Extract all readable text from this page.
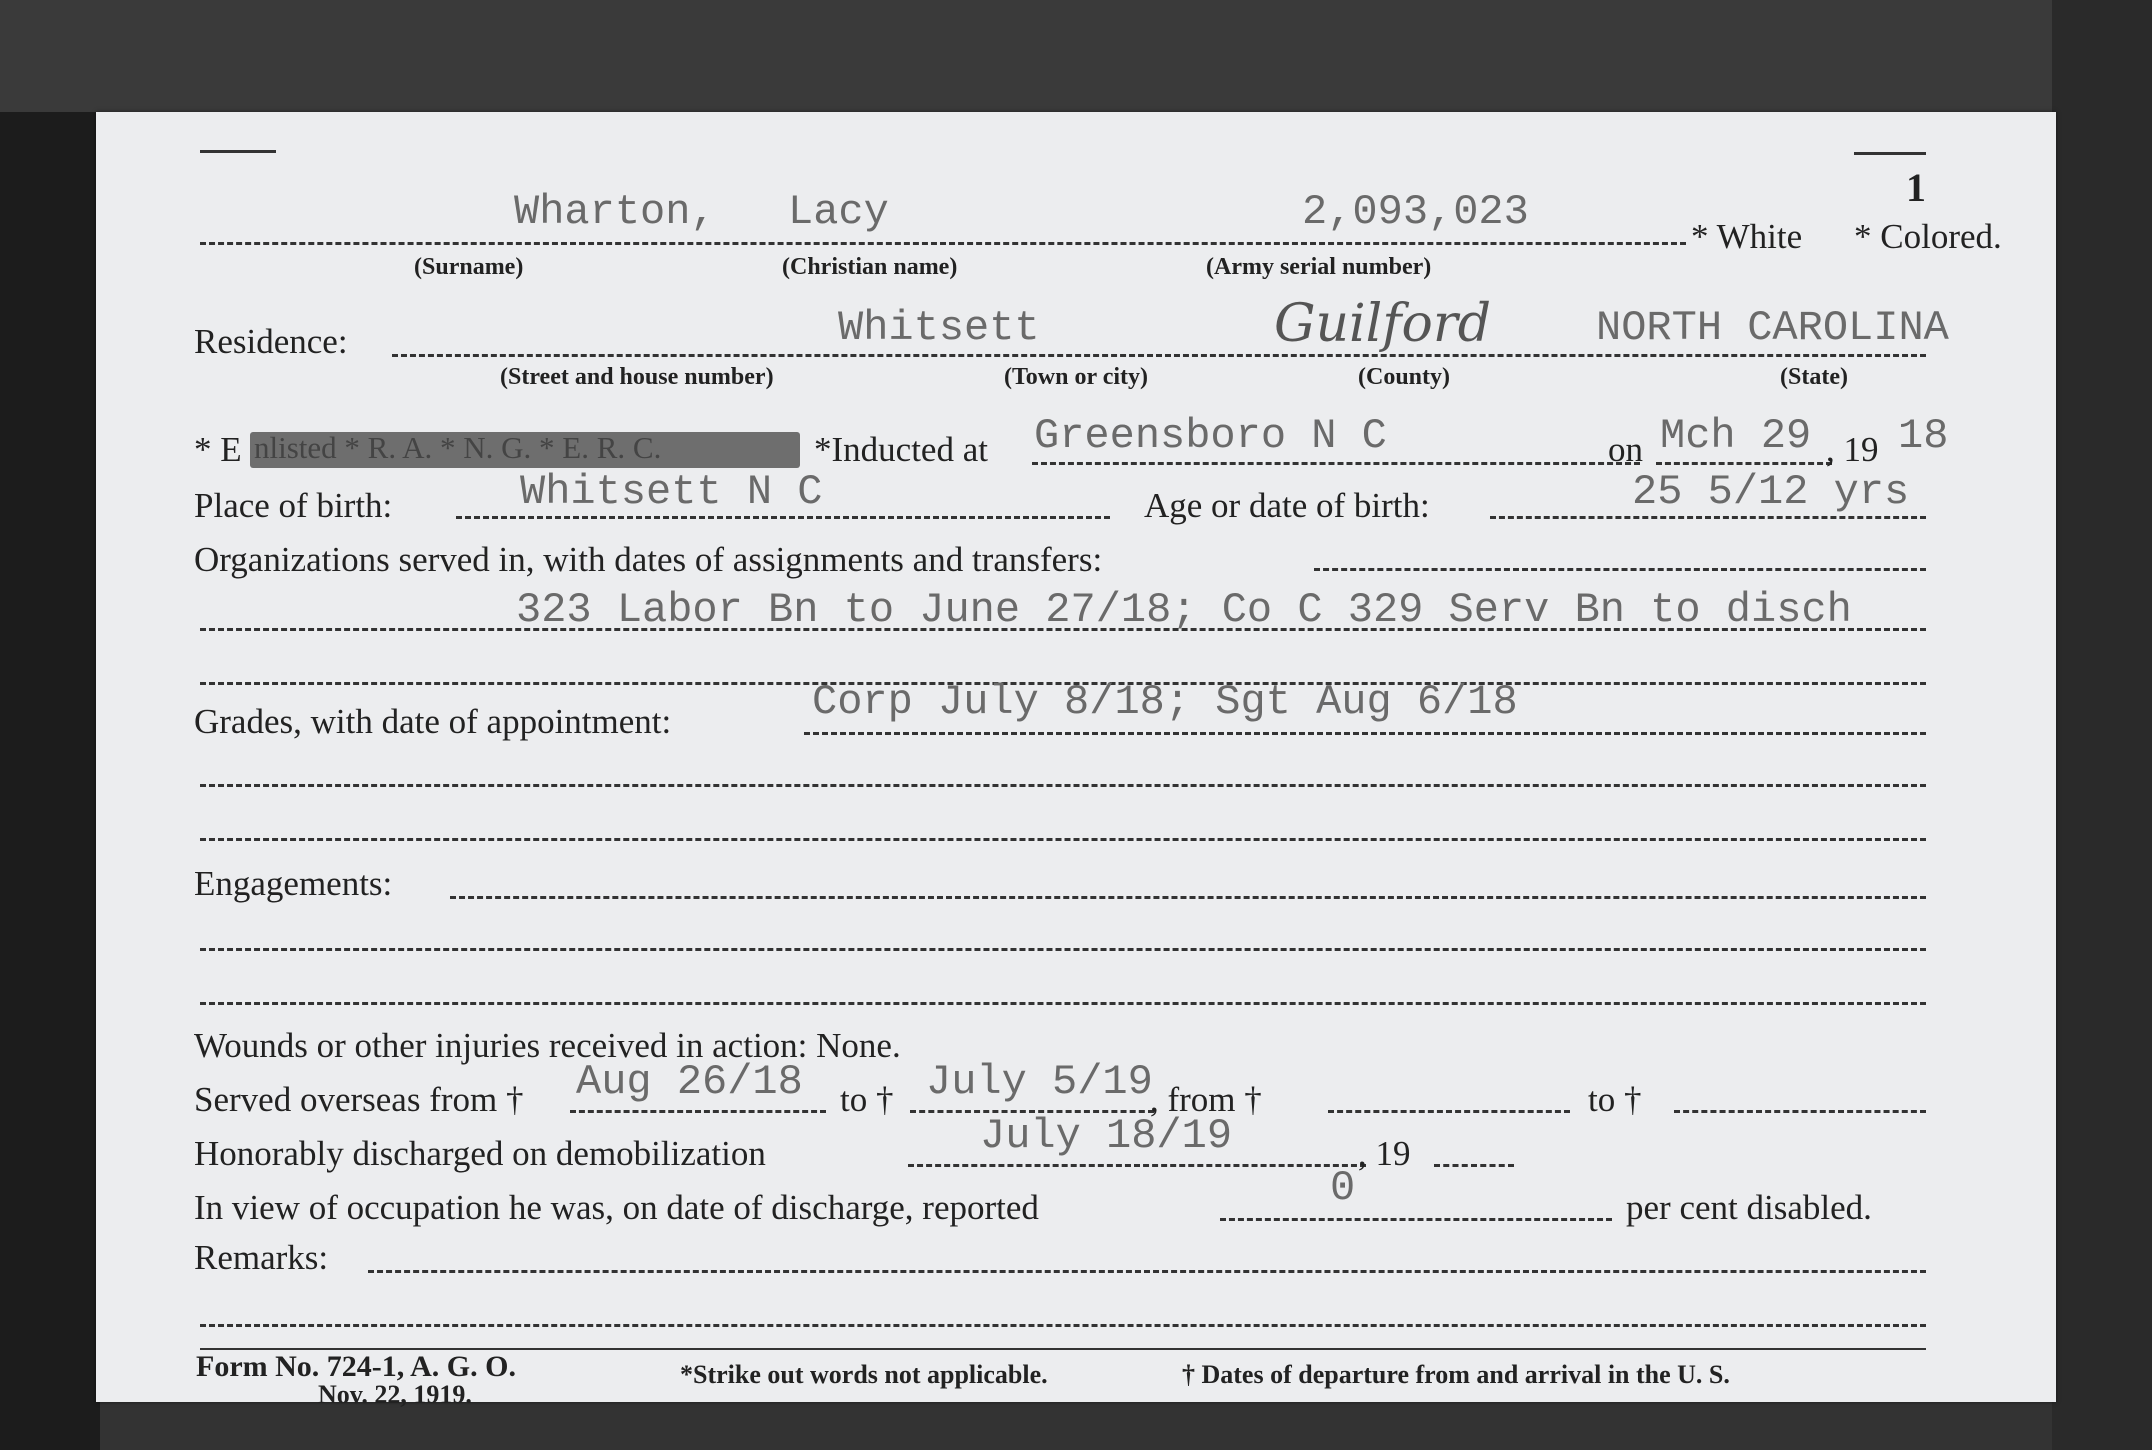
1
Wharton, Lacy	2,093,023
* White * Colored.
(Surname)	(Christian name)	(Army serial number)
Residence:	Whitsett	Guilford	NORTH CAROLINA
(Street and house number)	(Town or city)	(County)	(State)
* E nlisted * R. A. * N. G. * E. R. C.	*Inducted at Greensboro N C	on Mch 29 , 19 18
Place of birth:	Whitsett N C	Age or date of birth:	25 5/12 yrs
Organizations served in, with dates of assignments and transfers:
323 Labor Bn to June 27/18; Co C 329 Serv Bn to disch
Grades, with date of appointment:	Corp July 8/18; Sgt Aug 6/18
Engagements:
Wounds or other injuries received in action: None.
Served overseas from † Aug 26/18 to † July 5/19
, from †	to †
Honorably discharged on demobilization	July 18/19	, 19
In view of occupation he was, on date of discharge, reported	0	per cent disabled.
Remarks:
Form No. 724-1, A. G. O.
Nov. 22, 1919.
*Strike out words not applicable.	† Dates of departure from and arrival in the U. S.
